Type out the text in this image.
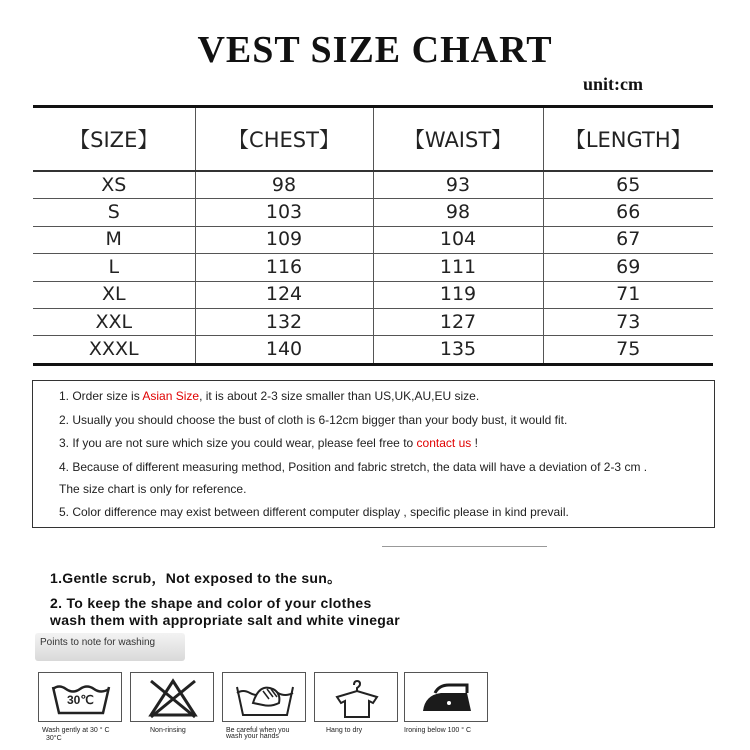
VEST SIZE CHART
unit:cm
【SIZE】	【CHEST】	【WAIST】	【LENGTH】
XS	98	93	65
S	103	98	66
M	109	104	67
L	116	111	69
XL	124	119	71
XXL	132	127	73
XXXL	140	135	75
1. Order size is Asian Size, it is about 2-3 size smaller than US,UK,AU,EU size.
2. Usually you should choose the bust of cloth is 6-12cm bigger than your body bust, it would fit.
3. If you are not sure which size you could wear, please feel free to contact us !
4. Because of different measuring method, Position and fabric stretch, the data will have a deviation of 2-3 cm .
The size chart is only for reference.
5. Color difference may exist between different computer display , specific please in kind prevail.
1.Gentle scrub，Not exposed to the sun。
2. To keep the shape and color of your clothes
wash them with appropriate salt and white vinegar
Points to note for washing
30℃
Wash gently at 30 ° C
30°C
Non-rinsing	Be careful when you
wash your hands
Hang to dry	Ironing below 100 ° C
